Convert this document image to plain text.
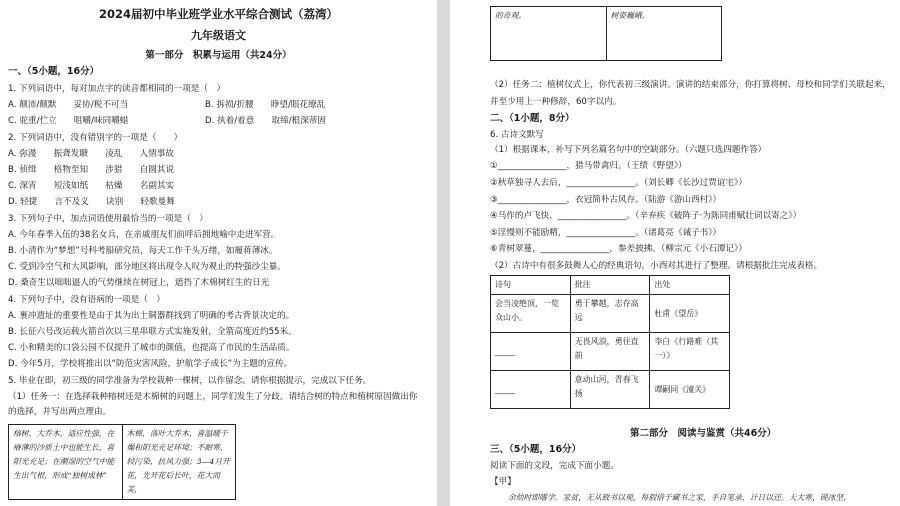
2024届初中毕业班学业水平综合测试（荔湾）
九年级语文
第一部分　积累与运用（共24分）
一、（5小题，16分）
1. 下列词语中，每对加点字的读音都相同的一项是（　）
A. 颠沛/颠默　　妥协/税不可当	B. 拆损/折腰　　睁望/眼花缭乱
C. 驼重/伫立　　咀嚼/味同嚼蜡	D. 执着/着意　　取缔/根深蒂固
2. 下列词语中，没有错别字的一项是（　　）
A. 弥漫　　振聋发聩　　凌乱　　人情事故
B. 侦缉　　格物至知　　涉猎　　自圆其说
C. 深宵　　短浅如纸　　枯燥　　名副其实
D. 轻捷　　言不及义　　诀别　　轻歌曼舞
3. 下列句子中，加点词语使用最恰当的一项是（　）
A. 今年春季入伍的38名女兵，在亲戚朋友们前呼后拥地喻中走进军营。
B. 小清作为“梦想”号科考船研究员，每天工作千头万绪，如履蒋薄冰。
C. 受到冷空气和大风影响，部分地区将出现令人叹为观止的特强沙尘暴。
D. 桑奇生以咄咄逼人的气势继续在树冠上，遮挡了木棉树红生的日光
4. 下列句子中，没有语病的一项是（　）
A. 裹冲遗址的重要性是由于其为出土铜器群找到了明确的考古背景决定的。
B. 长征六号改运载火箭首次以三星串联方式实施发射，全箭高度近约55米。
C. 小和精美的口袋公园不仅提升了城市的颜值，也提高了市民的生活品质。
D. 今年5月，学校将推出以“防范灾害风险，护航学子成长”为主题的宣传。
5. 毕业在即，初三级的同学准备为学校栽种一棵树，以作留念。请你根据提示，完成以下任务。
（1）任务一：在选择栽种榕树还是木棉树的问题上，同学们发生了分歧。请结合树的特点和植树原因做出你
的选择，并写出两点理由。
榕树，大乔木，适应性强，在瘠薄的沙质土中也能生长，喜阳光充足；在潮湿的空气中能生出气根，形成“独树成林”	木棉，落叶大乔木，喜温暖干燥和阳光充足环境；不耐寒，较污染，抗风力强；3—4月开花，先开花后长叶，花大而美，
的奇观。	树姿巍峨。
（2）任务二：植树仪式上，你代表初三级演讲。演讲的结束部分，你打算将树、母校和同学们关联起来，
并至少用上一种修辞，60字以内。
二、（1小题，8分）
6. 古诗文默写
（1）根据课本，补写下列名篇名句中的空缺部分。（六题只选四题作答）
①________________，猎马带禽归。（王绩《野望》）
②秋草独寻人去后，________________。（刘长卿《长沙过贾谊宅》）
③________________，衣冠简朴古风存。（陆游《游山西村》）
④马作的卢飞快，________________。（辛弃疾《破阵子·为陈同甫赋壮词以寄之》）
⑤淫慢则不能励精，________________。（诸葛亮《诫子书》）
⑥青树翠蔓，________________，参差披拂。（柳宗元《小石潭记》）
（2）古诗中有很多鼓舞人心的经典语句，小西对其进行了整理。请根据批注完成表格。
诗句	批注	出处
会当凌绝顶，一览众山小。	勇于攀越，志存高远	杜甫《望岳》
_____	无畏风浪，勇往直前	李白《行路难（其一）》
_____	意动山河，青春飞扬	谭嗣同《潼关》
第二部分　阅读与鉴赏（共46分）
三、（5小题，16分）
阅读下面的文段，完成下面小题。
【甲】
余幼时即嗜学。家贫，无从致书以观，每假借于藏书之家，手自笔录，计日以还。天大寒，砚冰坚，
